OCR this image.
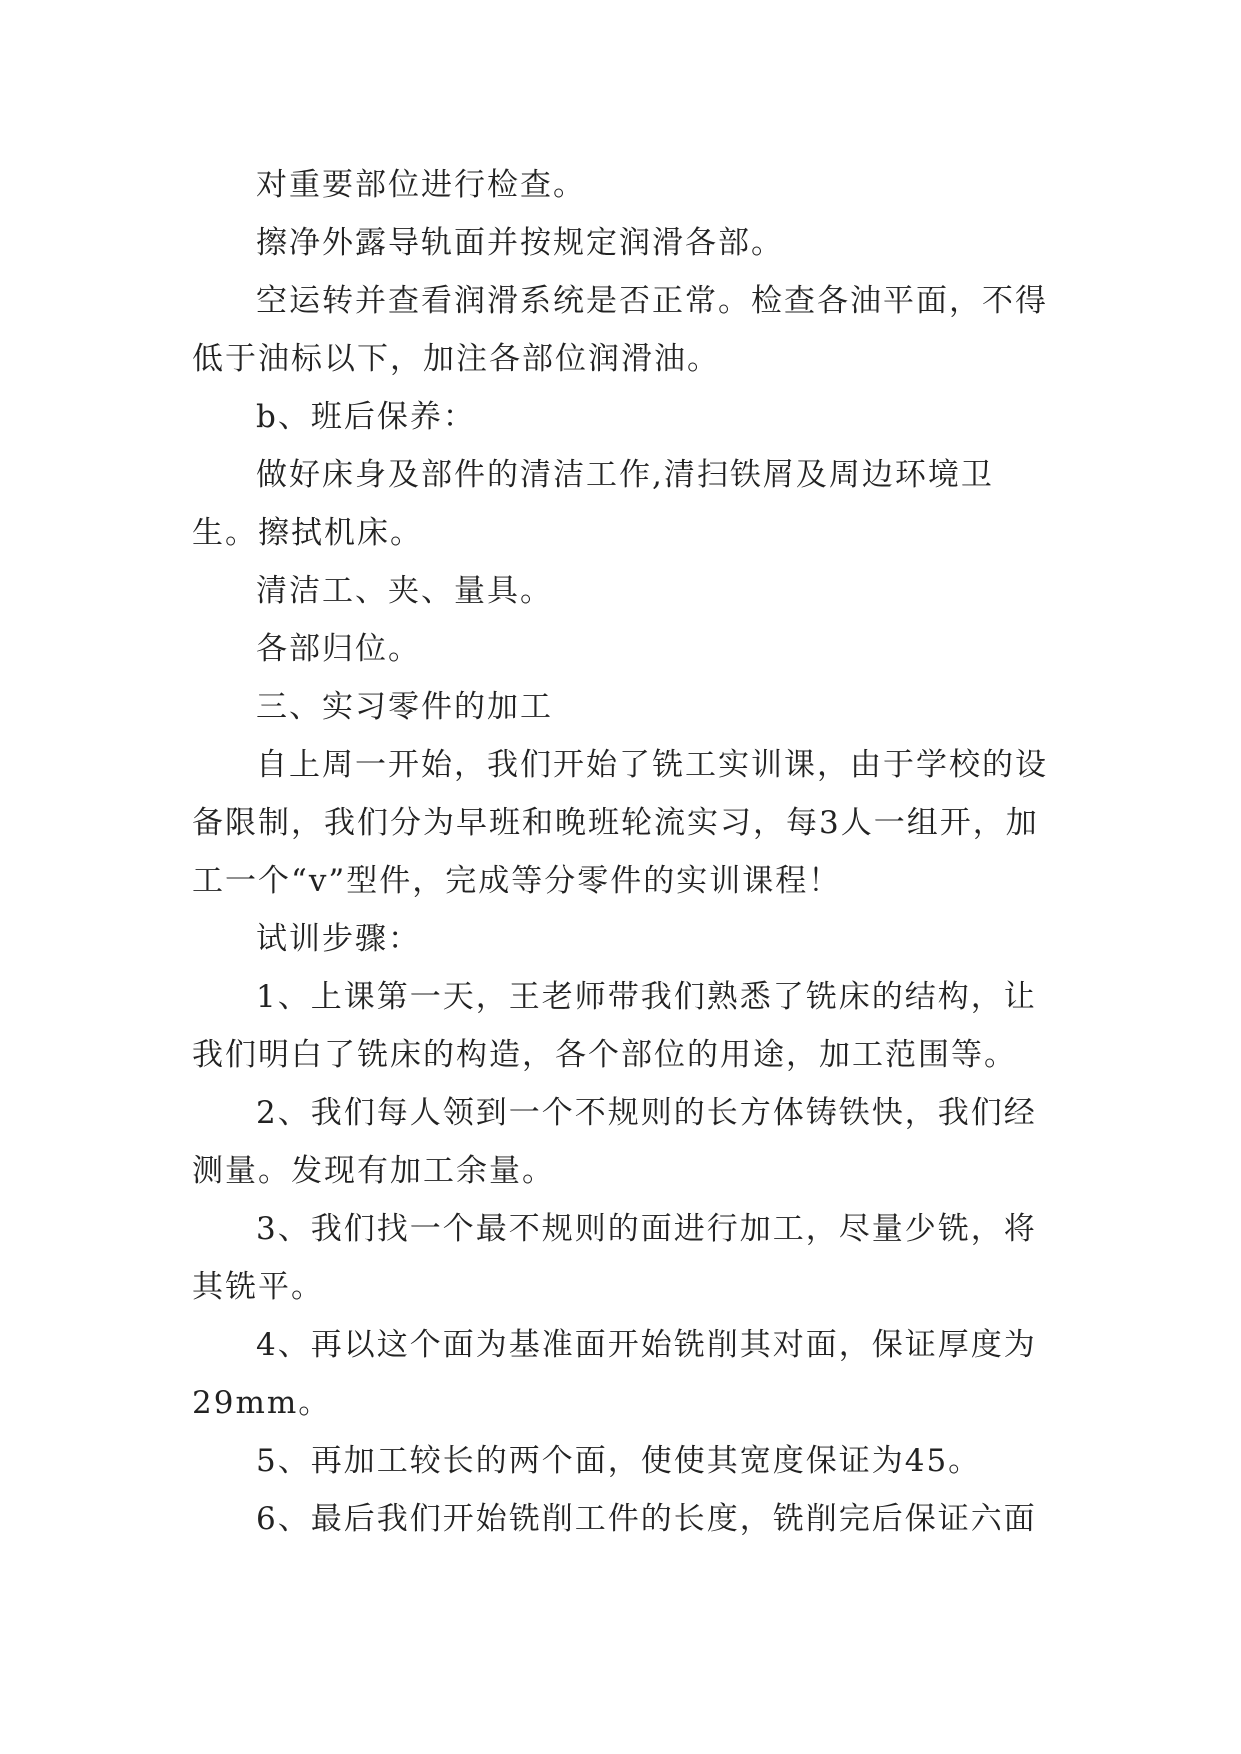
对重要部位进行检查。

擦净外露导轨面并按规定润滑各部。

空运转并查看润滑系统是否正常。检查各油平面，不得低于油标以下，加注各部位润滑油。

b、班后保养：

做好床身及部件的清洁工作,清扫铁屑及周边环境卫生。擦拭机床。

清洁工、夹、量具。

各部归位。

三、实习零件的加工

自上周一开始，我们开始了铣工实训课，由于学校的设备限制，我们分为早班和晚班轮流实习，每3人一组开，加工一个“v”型件，完成等分零件的实训课程！

试训步骤：

1、上课第一天，王老师带我们熟悉了铣床的结构，让我们明白了铣床的构造，各个部位的用途，加工范围等。

2、我们每人领到一个不规则的长方体铸铁快，我们经测量。发现有加工余量。

3、我们找一个最不规则的面进行加工，尽量少铣，将其铣平。

4、再以这个面为基准面开始铣削其对面，保证厚度为29mm。

5、再加工较长的两个面，使使其宽度保证为45。

6、最后我们开始铣削工件的长度，铣削完后保证六面
